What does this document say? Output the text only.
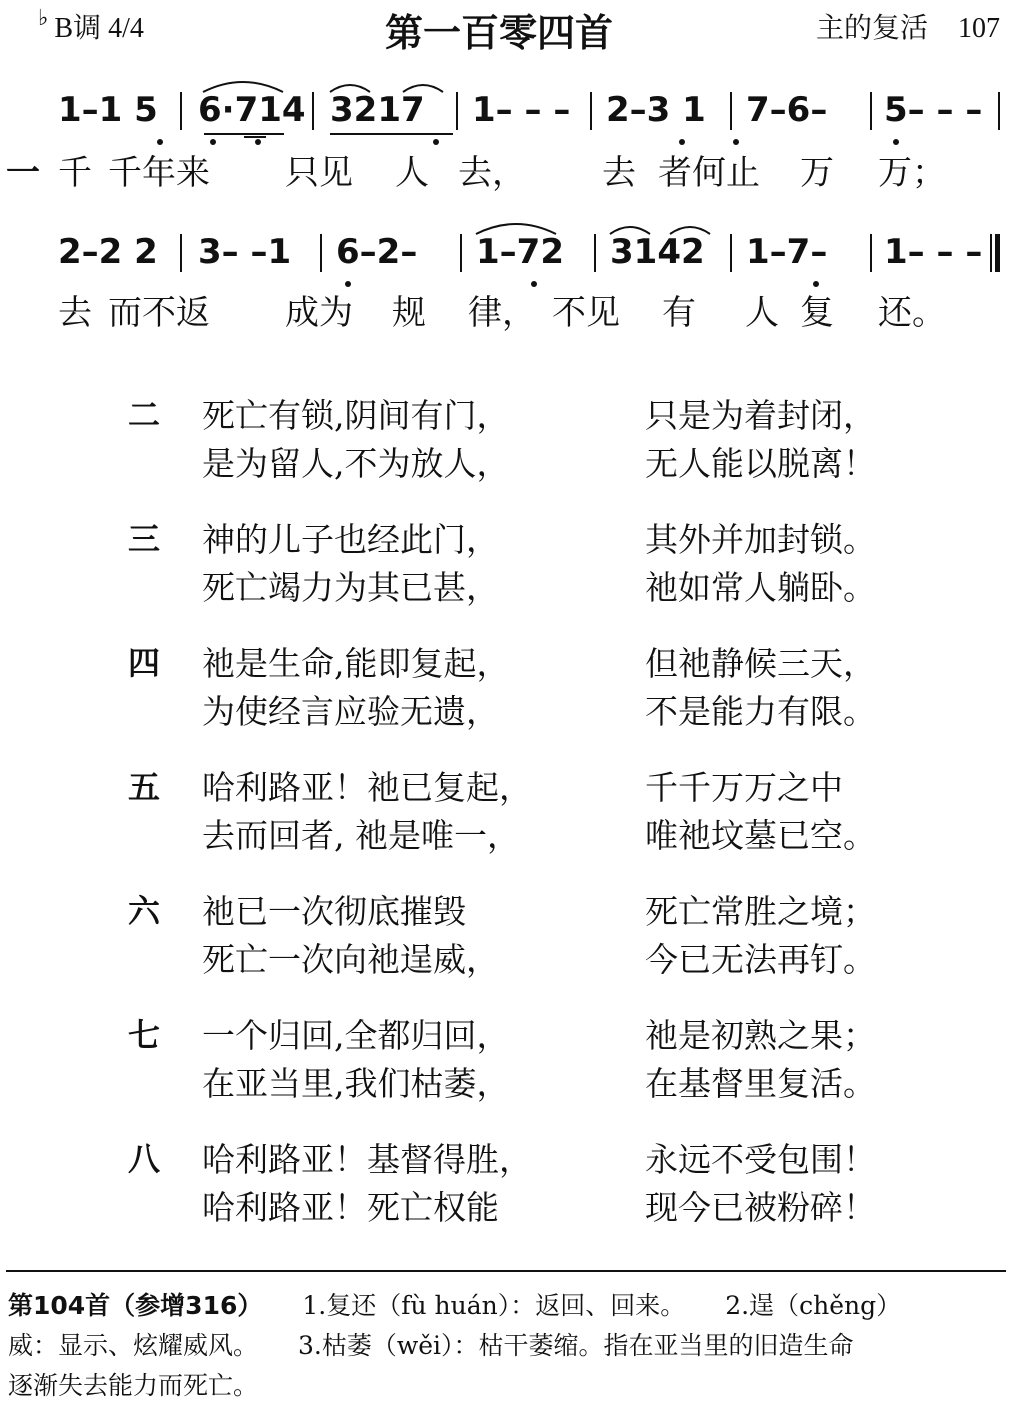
♭ B调 4/4	第一百零四首	主的复活 107
1–1 5 6·714 3217 1– – – 2–3 1 7–6– 5– – –
一 千 千年来 只见 人 去， 去 者何止 万 万；
2–2 2 3– –1 6–2– 1–72 3142 1–7– 1– – –
去 而不返 成为 规 律， 不见 有 人 复 还。
二 死亡有锁,阴间有门，	只是为着封闭，
是为留人,不为放人，	无人能以脱离！
三 神的儿子也经此门，	其外并加封锁。
死亡竭力为其已甚，	祂如常人躺卧。
四 祂是生命,能即复起，	但祂静候三天，
为使经言应验无遗，	不是能力有限。
五 哈利路亚！祂已复起，	千千万万之中
去而回者, 祂是唯一，	唯祂坟墓已空。
六 祂已一次彻底摧毁	死亡常胜之境；
死亡一次向祂逞威，	今已无法再钉。
七 一个归回,全都归回，	祂是初熟之果；
在亚当里,我们枯萎，	在基督里复活。
八 哈利路亚！基督得胜，	永远不受包围！
哈利路亚！死亡权能	现今已被粉碎！
第104首（参增316） 1.复还（fù huán）：返回、回来。 2.逞（chěng）
威：显示、炫耀威风。 3.枯萎（wěi）：枯干萎缩。指在亚当里的旧造生命
逐渐失去能力而死亡。
